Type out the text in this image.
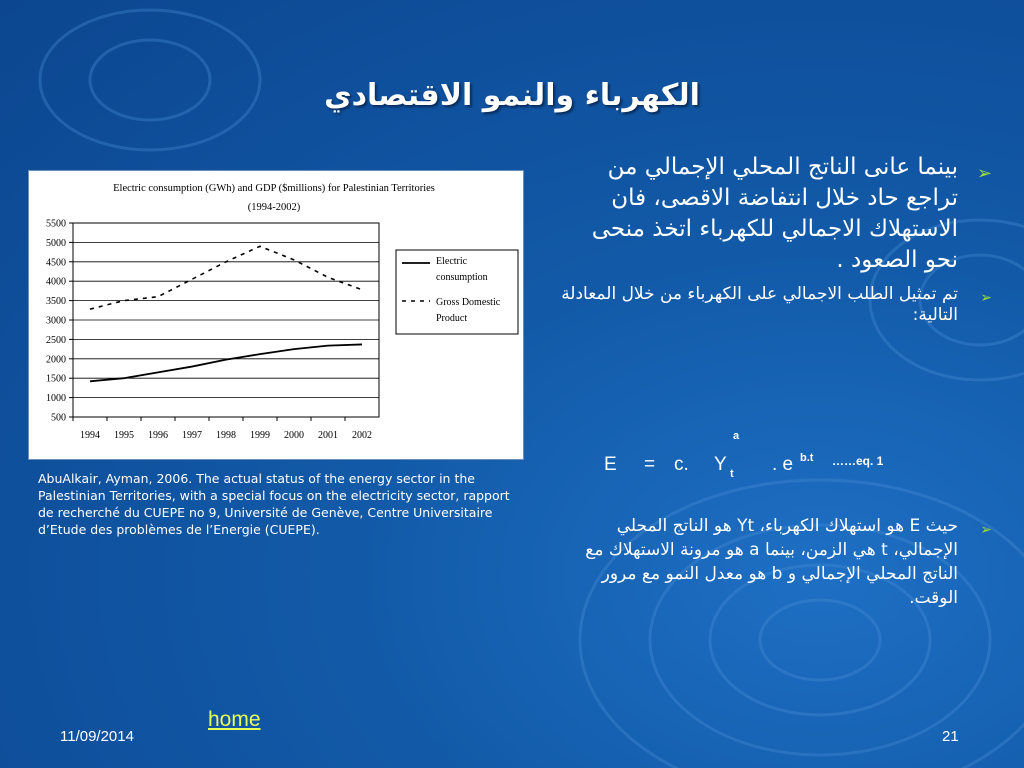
الكهرباء والنمو الاقتصادي
Electric consumption (GWh) and GDP ($millions) for Palestinian Territories
(1994-2002)
500
1000
1500
2000
2500
3000
3500
4000
4500
5000
5500
1994 1995 1996 1997 1998 1999 2000 2001 2002
Electric
consumption
Gross Domestic
Product
AbuAlkair, Ayman, 2006. The actual status of the energy sector in the Palestinian Territories, with a special focus on the electricity sector, rapport de recherché du CUEPE no 9, Université de Genève, Centre Universitaire d’Etude des problèmes de l’Energie (CUEPE).
➢
بينما عانى الناتج المحلي الإجمالي من تراجع حاد خلال انتفاضة الاقصى، فان الاستهلاك الاجمالي للكهرباء اتخذ منحى نحو الصعود .
➢
تم تمثيل الطلب الاجمالي على الكهرباء من خلال المعادلة التالية:
a
E = c. Y t . e b.t ……eq. 1
➢
حيث E هو استهلاك الكهرباء، Yt هو الناتج المحلي الإجمالي، t هي الزمن، بينما a هو مرونة الاستهلاك مع الناتج المحلي الإجمالي و b هو معدل النمو مع مرور الوقت.
home
11/09/2014	21
